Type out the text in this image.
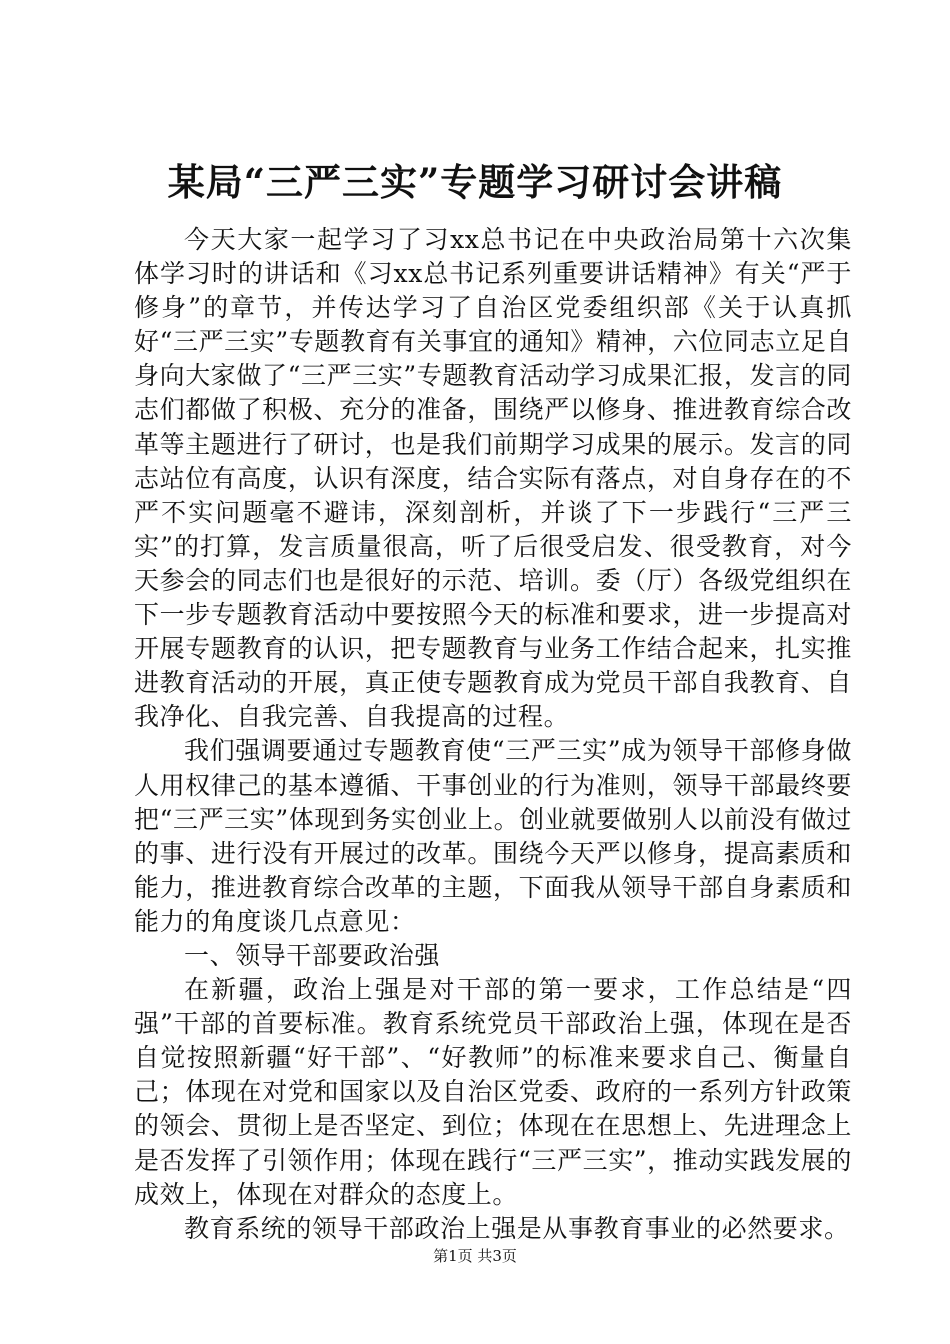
某局“三严三实”专题学习研讨会讲稿

今天大家一起学习了习xx总书记在中央政治局第十六次集体学习时的讲话和《习xx总书记系列重要讲话精神》有关“严于修身”的章节，并传达学习了自治区党委组织部《关于认真抓好“三严三实”专题教育有关事宜的通知》精神，六位同志立足自身向大家做了“三严三实”专题教育活动学习成果汇报，发言的同志们都做了积极、充分的准备，围绕严以修身、推进教育综合改革等主题进行了研讨，也是我们前期学习成果的展示。发言的同志站位有高度，认识有深度，结合实际有落点，对自身存在的不严不实问题毫不避讳，深刻剖析，并谈了下一步践行“三严三实”的打算，发言质量很高，听了后很受启发、很受教育，对今天参会的同志们也是很好的示范、培训。委（厅）各级党组织在下一步专题教育活动中要按照今天的标准和要求，进一步提高对开展专题教育的认识，把专题教育与业务工作结合起来，扎实推进教育活动的开展，真正使专题教育成为党员干部自我教育、自我净化、自我完善、自我提高的过程。

我们强调要通过专题教育使“三严三实”成为领导干部修身做人用权律己的基本遵循、干事创业的行为准则，领导干部最终要把“三严三实”体现到务实创业上。创业就要做别人以前没有做过的事、进行没有开展过的改革。围绕今天严以修身，提高素质和能力，推进教育综合改革的主题，下面我从领导干部自身素质和能力的角度谈几点意见：

一、领导干部要政治强

在新疆，政治上强是对干部的第一要求，工作总结是“四强”干部的首要标准。教育系统党员干部政治上强，体现在是否自觉按照新疆“好干部”、“好教师”的标准来要求自己、衡量自己；体现在对党和国家以及自治区党委、政府的一系列方针政策的领会、贯彻上是否坚定、到位；体现在在思想上、先进理念上是否发挥了引领作用；体现在践行“三严三实”，推动实践发展的成效上，体现在对群众的态度上。

教育系统的领导干部政治上强是从事教育事业的必然要求。

第1页 共3页
